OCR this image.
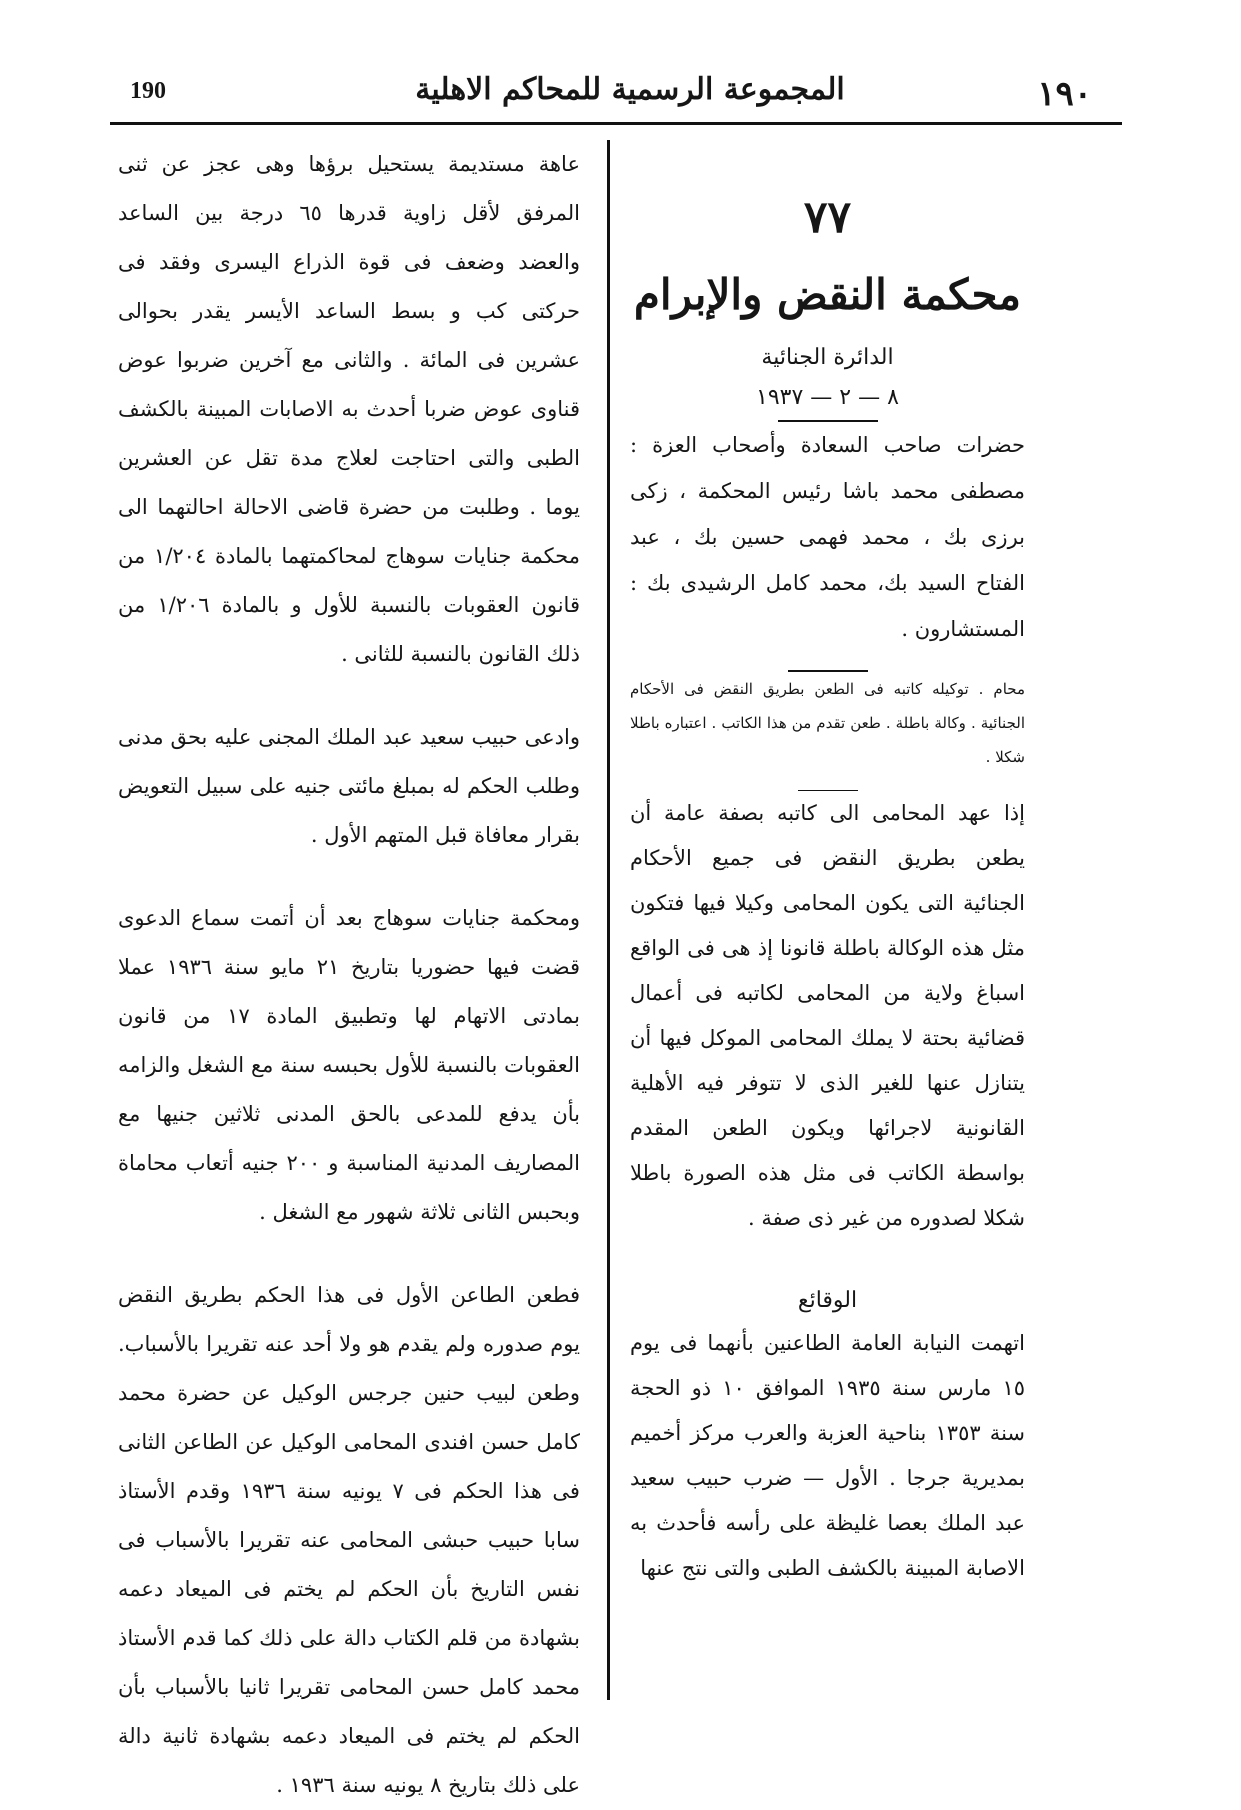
190	المجموعة الرسمية للمحاكم الاهلية	١٩٠
٧٧
محكمة النقض والإبرام
الدائرة الجنائية
٨ — ٢ — ١٩٣٧

حضرات صاحب السعادة وأصحاب العزة : مصطفى محمد باشا رئيس المحكمة ، زكى برزى بك ، محمد فهمى حسين بك ، عبد الفتاح السيد بك، محمد كامل الرشيدى بك : المستشارون .

محام . توكيله كاتبه فى الطعن بطريق النقض فى الأحكام الجنائية . وكالة باطلة . طعن تقدم من هذا الكاتب . اعتباره باطلا شكلا .

إذا عهد المحامى الى كاتبه بصفة عامة أن يطعن بطريق النقض فى جميع الأحكام الجنائية التى يكون المحامى وكيلا فيها فتكون مثل هذه الوكالة باطلة قانونا إذ هى فى الواقع اسباغ ولاية من المحامى لكاتبه فى أعمال قضائية بحتة لا يملك المحامى الموكل فيها أن يتنازل عنها للغير الذى لا تتوفر فيه الأهلية القانونية لاجرائها ويكون الطعن المقدم بواسطة الكاتب فى مثل هذه الصورة باطلا شكلا لصدوره من غير ذى صفة .

الوقائع

اتهمت النيابة العامة الطاعنين بأنهما فى يوم ١٥ مارس سنة ١٩٣٥ الموافق ١٠ ذو الحجة سنة ١٣٥٣ بناحية العزبة والعرب مركز أخميم بمديرية جرجا . الأول — ضرب حبيب سعيد عبد الملك بعصا غليظة على رأسه فأحدث به الاصابة المبينة بالكشف الطبى والتى نتج عنها

عاهة مستديمة يستحيل برؤها وهى عجز عن ثنى المرفق لأقل زاوية قدرها ٦٥ درجة بين الساعد والعضد وضعف فى قوة الذراع اليسرى وفقد فى حركتى كب و بسط الساعد الأيسر يقدر بحوالى عشرين فى المائة . والثانى مع آخرين ضربوا عوض قناوى عوض ضربا أحدث به الاصابات المبينة بالكشف الطبى والتى احتاجت لعلاج مدة تقل عن العشرين يوما . وطلبت من حضرة قاضى الاحالة احالتهما الى محكمة جنايات سوهاج لمحاكمتهما بالمادة ١/٢٠٤ من قانون العقوبات بالنسبة للأول و بالمادة ١/٢٠٦ من ذلك القانون بالنسبة للثانى .

وادعى حبيب سعيد عبد الملك المجنى عليه بحق مدنى وطلب الحكم له بمبلغ مائتى جنيه على سبيل التعويض بقرار معافاة قبل المتهم الأول .

ومحكمة جنايات سوهاج بعد أن أتمت سماع الدعوى قضت فيها حضوريا بتاريخ ٢١ مايو سنة ١٩٣٦ عملا بمادتى الاتهام لها وتطبيق المادة ١٧ من قانون العقوبات بالنسبة للأول بحبسه سنة مع الشغل والزامه بأن يدفع للمدعى بالحق المدنى ثلاثين جنيها مع المصاريف المدنية المناسبة و ٢٠٠ جنيه أتعاب محاماة وبحبس الثانى ثلاثة شهور مع الشغل .

فطعن الطاعن الأول فى هذا الحكم بطريق النقض يوم صدوره ولم يقدم هو ولا أحد عنه تقريرا بالأسباب. وطعن لبيب حنين جرجس الوكيل عن حضرة محمد كامل حسن افندى المحامى الوكيل عن الطاعن الثانى فى هذا الحكم فى ٧ يونيه سنة ١٩٣٦ وقدم الأستاذ سابا حبيب حبشى المحامى عنه تقريرا بالأسباب فى نفس التاريخ بأن الحكم لم يختم فى الميعاد دعمه بشهادة من قلم الكتاب دالة على ذلك كما قدم الأستاذ محمد كامل حسن المحامى تقريرا ثانيا بالأسباب بأن الحكم لم يختم فى الميعاد دعمه بشهادة ثانية دالة على ذلك بتاريخ ٨ يونيه سنة ١٩٣٦ .
